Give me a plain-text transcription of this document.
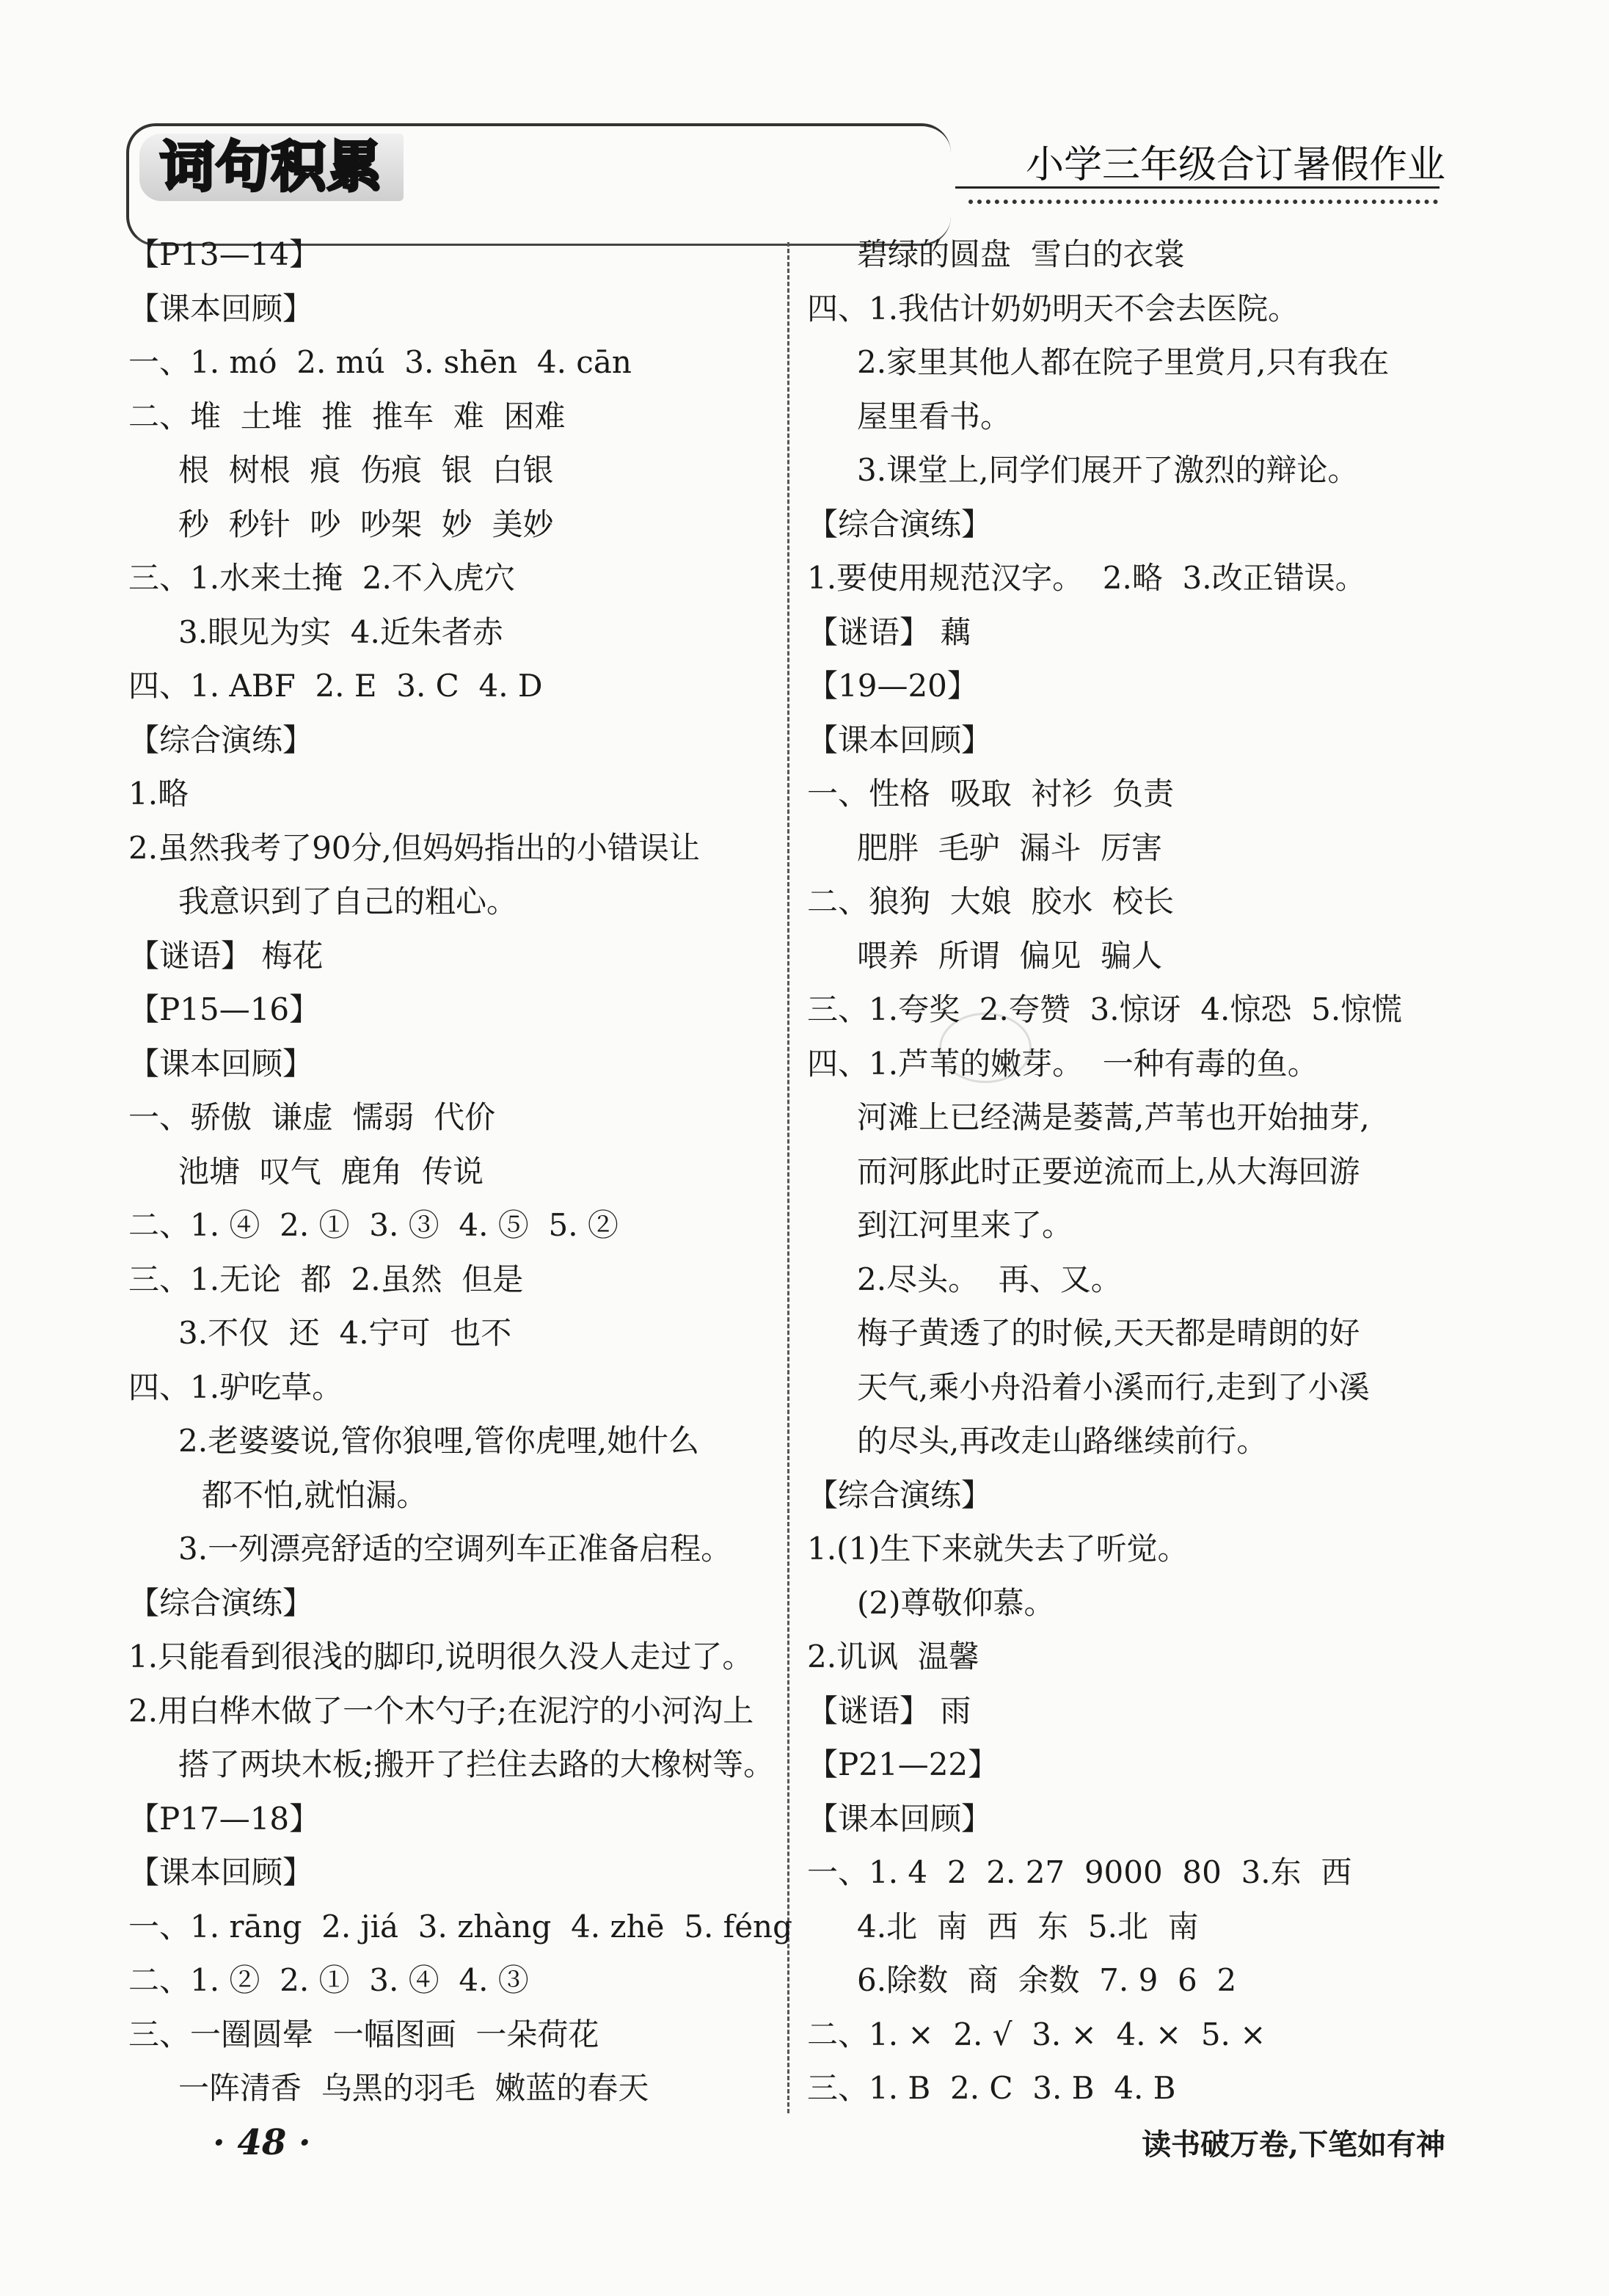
词句积累	小学三年级合订暑假作业
【P13—14】
【课本回顾】
一、1. mó  2. mú  3. shēn  4. cān
二、堆  土堆  推  推车  难  困难
根  树根  痕  伤痕  银  白银
秒  秒针  吵  吵架  妙  美妙
三、1.水来土掩  2.不入虎穴
3.眼见为实  4.近朱者赤
四、1. ABF  2. E  3. C  4. D
【综合演练】
1.略
2.虽然我考了90分,但妈妈指出的小错误让
我意识到了自己的粗心。
【谜语】 梅花
【P15—16】
【课本回顾】
一、骄傲  谦虚  懦弱  代价
池塘  叹气  鹿角  传说
二、1. ④  2. ①  3. ③  4. ⑤  5. ②
三、1.无论  都  2.虽然  但是
3.不仅  还  4.宁可  也不
四、1.驴吃草。
2.老婆婆说,管你狼哩,管你虎哩,她什么
都不怕,就怕漏。
3.一列漂亮舒适的空调列车正准备启程。
【综合演练】
1.只能看到很浅的脚印,说明很久没人走过了。
2.用白桦木做了一个木勺子;在泥泞的小河沟上
搭了两块木板;搬开了拦住去路的大橡树等。
【P17—18】
【课本回顾】
一、1. rāng  2. jiá  3. zhàng  4. zhē  5. féng
二、1. ②  2. ①  3. ④  4. ③
三、一圈圆晕  一幅图画  一朵荷花
一阵清香  乌黑的羽毛  嫩蓝的春天
碧绿的圆盘  雪白的衣裳
四、1.我估计奶奶明天不会去医院。
2.家里其他人都在院子里赏月,只有我在
屋里看书。
3.课堂上,同学们展开了激烈的辩论。
【综合演练】
1.要使用规范汉字。  2.略  3.改正错误。
【谜语】 藕
【19—20】
【课本回顾】
一、性格  吸取  衬衫  负责
肥胖  毛驴  漏斗  厉害
二、狼狗  大娘  胶水  校长
喂养  所谓  偏见  骗人
三、1.夸奖  2.夸赞  3.惊讶  4.惊恐  5.惊慌
四、1.芦苇的嫩芽。  一种有毒的鱼。
河滩上已经满是蒌蒿,芦苇也开始抽芽,
而河豚此时正要逆流而上,从大海回游
到江河里来了。
2.尽头。  再、又。
梅子黄透了的时候,天天都是晴朗的好
天气,乘小舟沿着小溪而行,走到了小溪
的尽头,再改走山路继续前行。
【综合演练】
1.(1)生下来就失去了听觉。
(2)尊敬仰慕。
2.讥讽  温馨
【谜语】 雨
【P21—22】
【课本回顾】
一、1. 4  2  2. 27  9000  80  3.东  西
4.北  南  西  东  5.北  南
6.除数  商  余数  7. 9  6  2
二、1. ×  2. √  3. ×  4. ×  5. ×
三、1. B  2. C  3. B  4. B
· 48 ·	读书破万卷,下笔如有神
